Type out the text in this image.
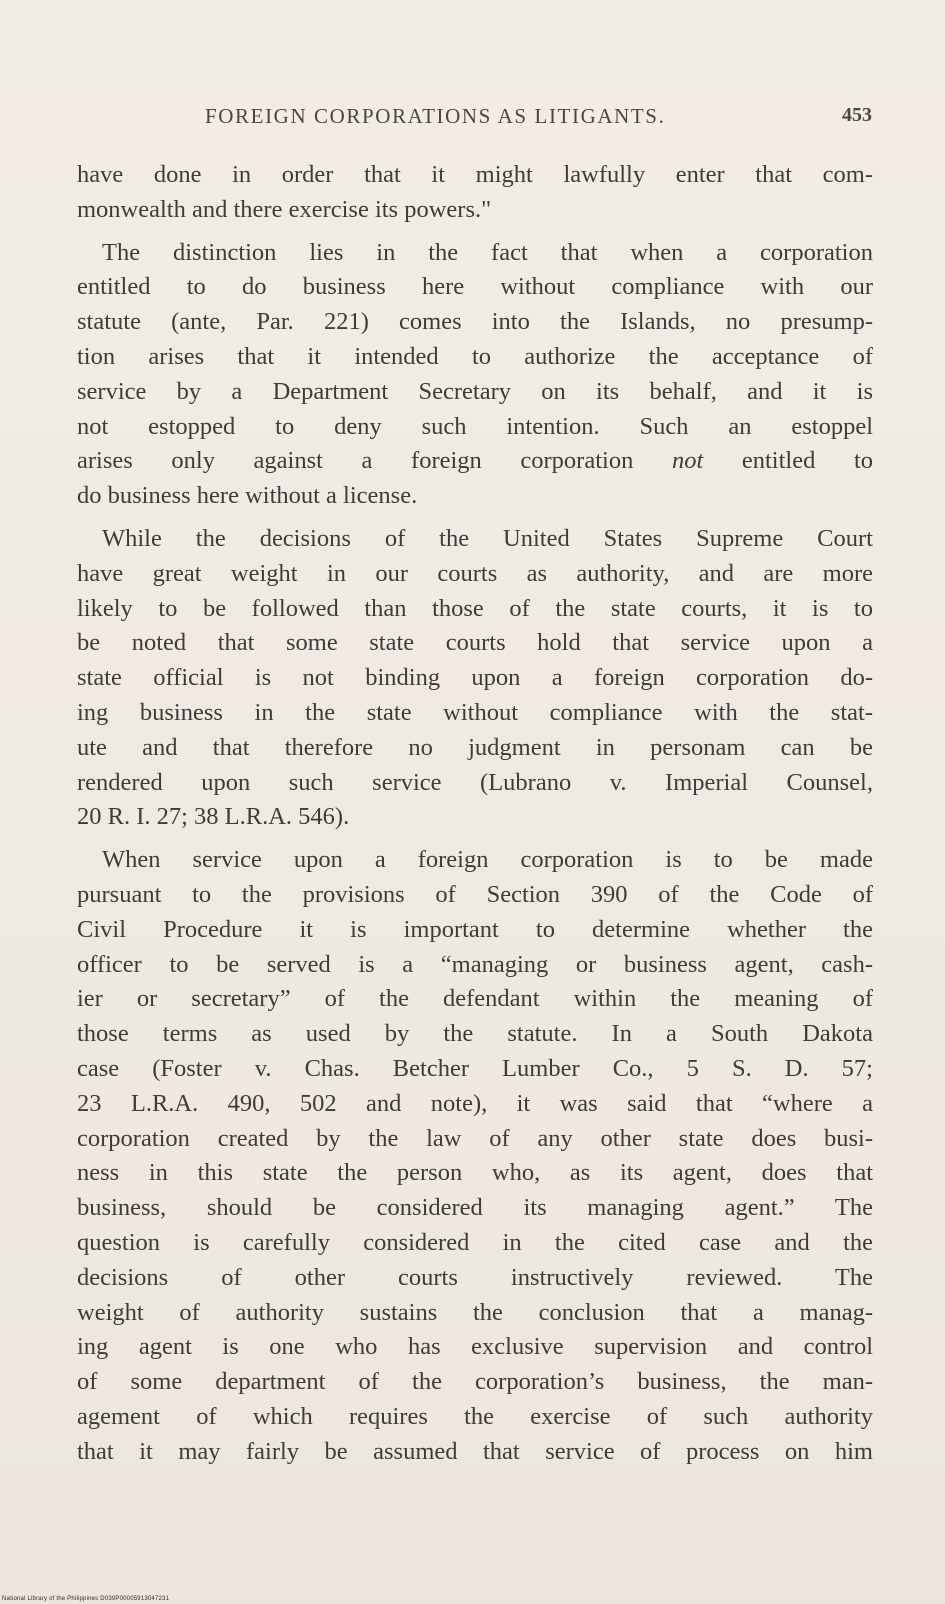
FOREIGN CORPORATIONS AS LITIGANTS.	453
have done in order that it might lawfully enter that com-
monwealth and there exercise its powers."
The distinction lies in the fact that when a corporation
entitled to do business here without compliance with our
statute (ante, Par. 221) comes into the Islands, no presump-
tion arises that it intended to authorize the acceptance of
service by a Department Secretary on its behalf, and it is
not estopped to deny such intention. Such an estoppel
arises only against a foreign corporation not entitled to
do business here without a license.
While the decisions of the United States Supreme Court
have great weight in our courts as authority, and are more
likely to be followed than those of the state courts, it is to
be noted that some state courts hold that service upon a
state official is not binding upon a foreign corporation do-
ing business in the state without compliance with the stat-
ute and that therefore no judgment in personam can be
rendered upon such service (Lubrano v. Imperial Counsel,
20 R. I. 27; 38 L.R.A. 546).
When service upon a foreign corporation is to be made
pursuant to the provisions of Section 390 of the Code of
Civil Procedure it is important to determine whether the
officer to be served is a “managing or business agent, cash-
ier or secretary” of the defendant within the meaning of
those terms as used by the statute. In a South Dakota
case (Foster v. Chas. Betcher Lumber Co., 5 S. D. 57;
23 L.R.A. 490, 502 and note), it was said that “where a
corporation created by the law of any other state does busi-
ness in this state the person who, as its agent, does that
business, should be considered its managing agent.” The
question is carefully considered in the cited case and the
decisions of other courts instructively reviewed. The
weight of authority sustains the conclusion that a manag-
ing agent is one who has exclusive supervision and control
of some department of the corporation’s business, the man-
agement of which requires the exercise of such authority
that it may fairly be assumed that service of process on him
National Library of the Philippines D039P00005913047231
